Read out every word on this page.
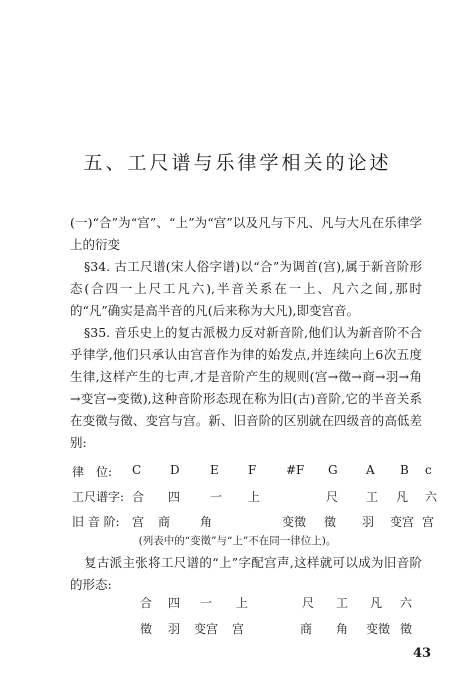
五、工尺谱与乐律学相关的论述

(一)“合”为“宫”、“上”为“宫”以及凡与下凡、凡与大凡在乐律学上的衍变

§34. 古工尺谱(宋人俗字谱)以“合”为调首(宫),属于新音阶形态(合四一上尺工凡六),半音关系在一上、凡六之间,那时的“凡”确实是高半音的凡(后来称为大凡),即变宫音。

§35. 音乐史上的复古派极力反对新音阶,他们认为新音阶不合乎律学,他们只承认由宫音作为律的始发点,并连续向上6次五度生律,这样产生的七声,才是音阶产生的规则(宫→徵→商→羽→角→变宫→变徵),这种音阶形态现在称为旧(古)音阶,它的半音关系在变徵与徵、变宫与宫。新、旧音阶的区别就在四级音的高低差别:

律　位: C D	E F #F G A B c
工尺谱字: 合 四 一 上	尺 工 凡 六
旧 音 阶: 宫 商 角	变徵 徵 羽 变宫 宫
(列表中的“变徵”与“上”不在同一律位上)。

复古派主张将工尺谱的“上”字配宫声,这样就可以成为旧音阶的形态:

合 四 一 上	尺 工 凡 六
徵 羽 变宫 宫	商 角 变徵 徵
43
